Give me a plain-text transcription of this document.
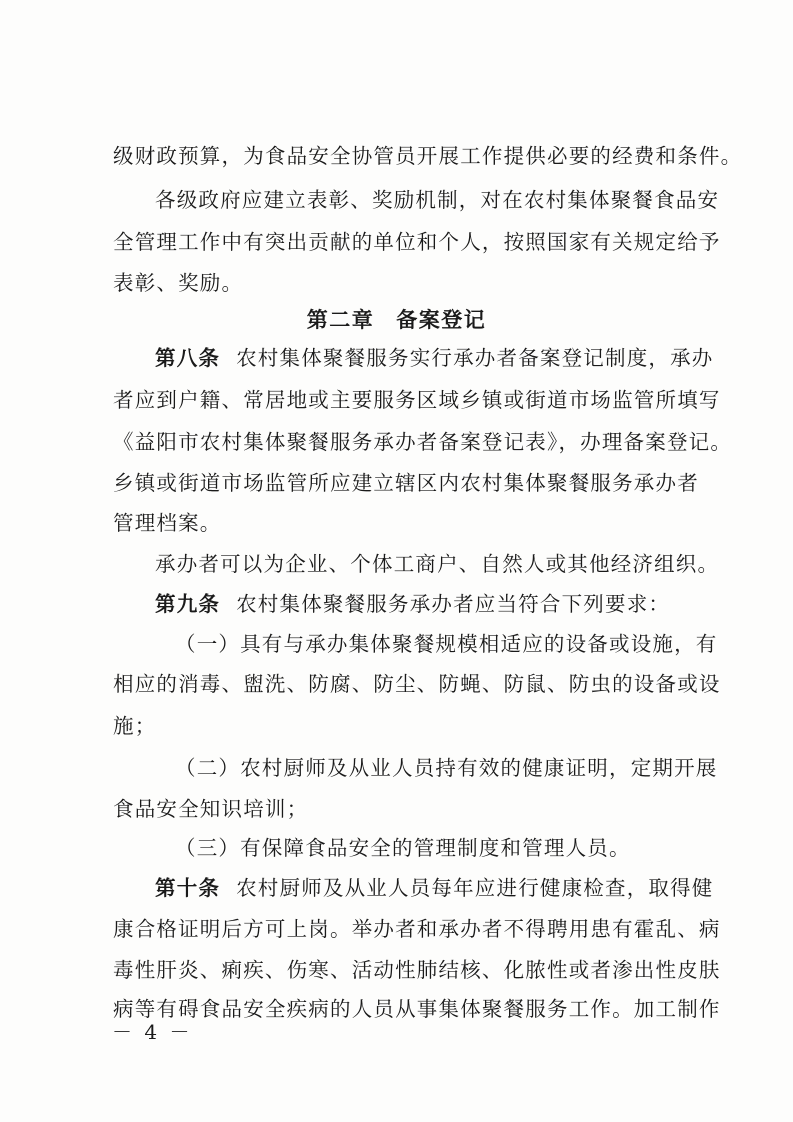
级财政预算，为食品安全协管员开展工作提供必要的经费和条件。
各级政府应建立表彰、奖励机制，对在农村集体聚餐食品安
全管理工作中有突出贡献的单位和个人，按照国家有关规定给予
表彰、奖励。
第二章 备案登记
第八条 农村集体聚餐服务实行承办者备案登记制度，承办
者应到户籍、常居地或主要服务区域乡镇或街道市场监管所填写
《益阳市农村集体聚餐服务承办者备案登记表》，办理备案登记。
乡镇或街道市场监管所应建立辖区内农村集体聚餐服务承办者
管理档案。
承办者可以为企业、个体工商户、自然人或其他经济组织。
第九条 农村集体聚餐服务承办者应当符合下列要求：
（一）具有与承办集体聚餐规模相适应的设备或设施，有
相应的消毒、盥洗、防腐、防尘、防蝇、防鼠、防虫的设备或设
施；
（二）农村厨师及从业人员持有效的健康证明，定期开展
食品安全知识培训；
（三）有保障食品安全的管理制度和管理人员。
第十条 农村厨师及从业人员每年应进行健康检查，取得健
康合格证明后方可上岗。举办者和承办者不得聘用患有霍乱、病
毒性肝炎、痢疾、伤寒、活动性肺结核、化脓性或者渗出性皮肤
病等有碍食品安全疾病的人员从事集体聚餐服务工作。加工制作
－ 4 －
